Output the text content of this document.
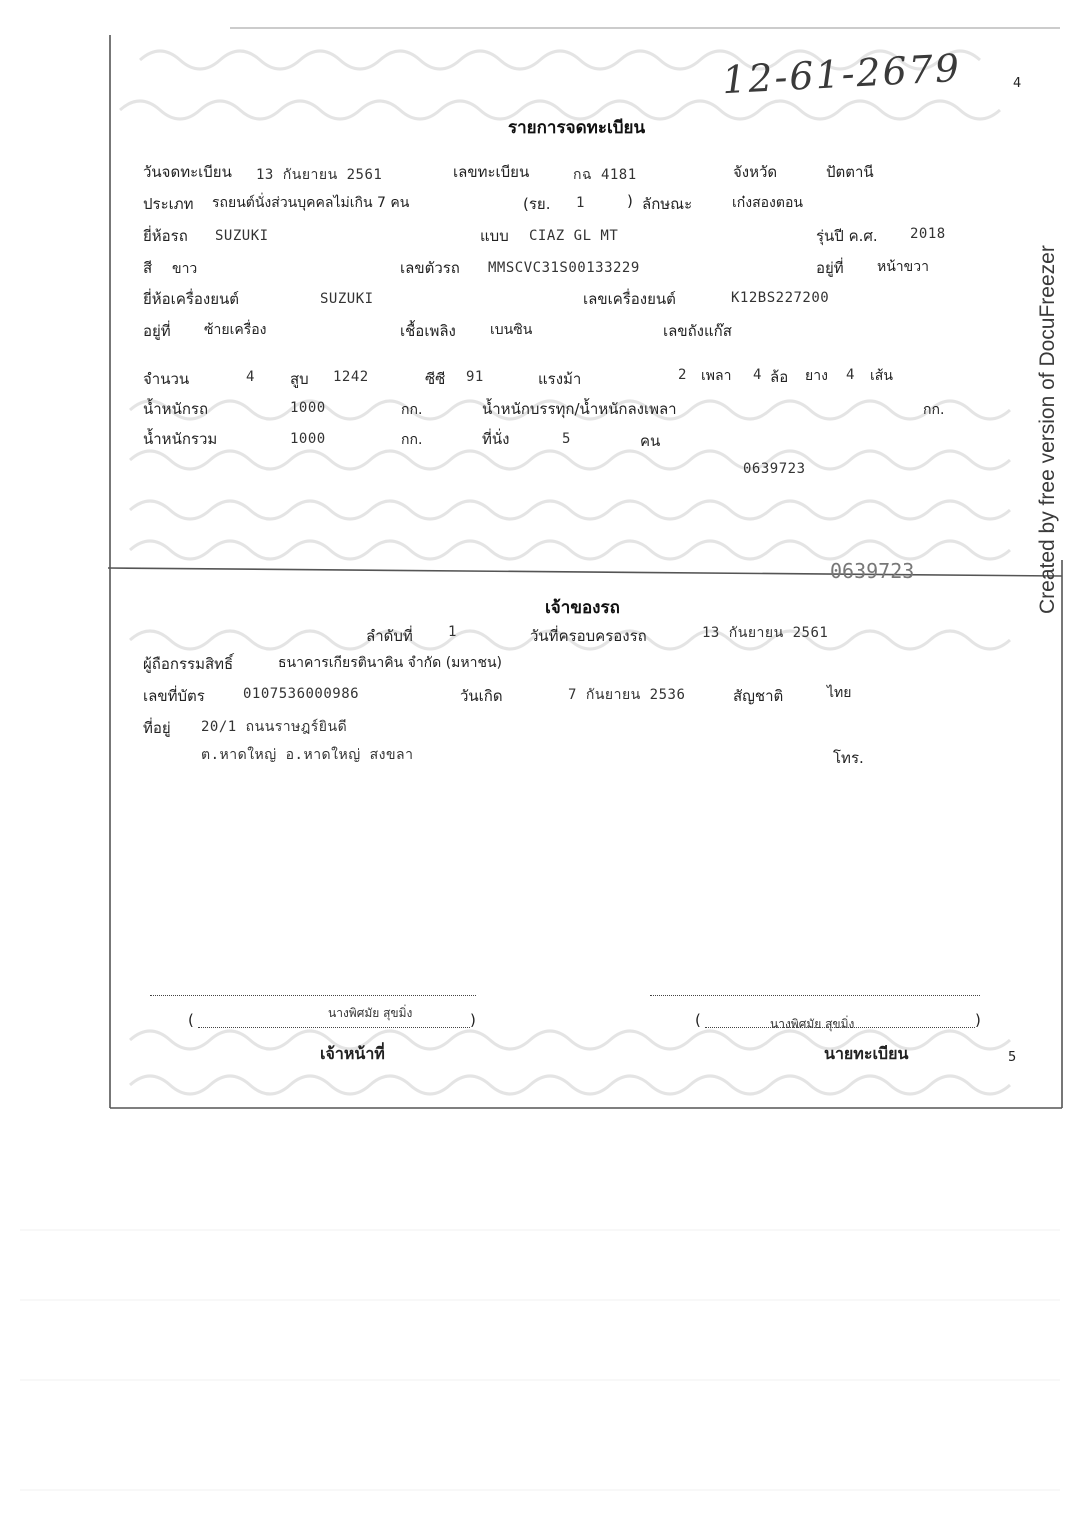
0639723
12-61-2679	4
Created by free version of DocuFreezer
รายการจดทะเบียน
วันจดทะเบียน 13 กันยายน 2561	เลขทะเบียน	กฉ 4181	จังหวัด	ปัตตานี
ประเภท รถยนต์นั่งส่วนบุคคลไม่เกิน 7 คน	(รย. 1	) ลักษณะ	เก๋งสองตอน
ยี่ห้อรถ SUZUKI	แบบ CIAZ GL MT	รุ่นปี ค.ศ. 2018
สี ขาว	เลขตัวรถ MMSCVC31S00133229	อยู่ที่ หน้าขวา
ยี่ห้อเครื่องยนต์	SUZUKI	เลขเครื่องยนต์	K12BS227200
อยู่ที่ ซ้ายเครื่อง	เชื้อเพลิง เบนซิน	เลขถังแก๊ส
จำนวน	4 สูบ 1242	ซีซี 91	แรงม้า	2 เพลา 4 ล้อ ยาง 4 เส้น
น้ำหนักรถ	1000	กก.	น้ำหนักบรรทุก/น้ำหนักลงเพลา	กก.
น้ำหนักรวม	1000	กก.	ที่นั่ง	5	คน
0639723
เจ้าของรถ
ลำดับที่	1	วันที่ครอบครองรถ	13 กันยายน 2561
ผู้ถือกรรมสิทธิ์	ธนาคารเกียรตินาคิน จำกัด (มหาชน)
เลขที่บัตร	0107536000986	วันเกิด	7 กันยายน 2536	สัญชาติ	ไทย
ที่อยู่ 20/1 ถนนราษฎร์ยินดี
ต.หาดใหญ่ อ.หาดใหญ่ สงขลา	โทร.
(	นางพิศมัย สุขมิ่ง	)	(	นางพิศมัย สุขมิ่ง	)
เจ้าหน้าที่	นายทะเบียน	5
